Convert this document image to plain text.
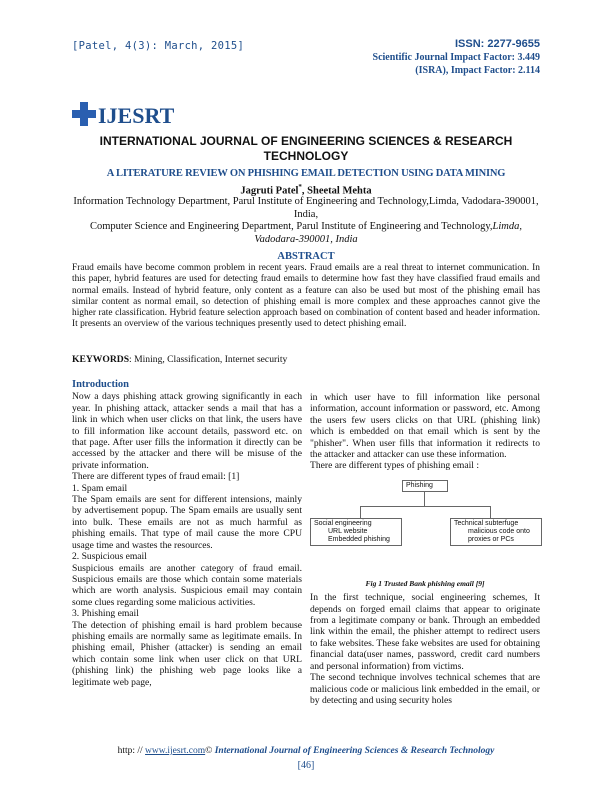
[Patel, 4(3): March, 2015]	ISSN: 2277-9655
Scientific Journal Impact Factor: 3.449
(ISRA), Impact Factor: 2.114
IJESRT
INTERNATIONAL JOURNAL OF ENGINEERING SCIENCES & RESEARCH TECHNOLOGY
A LITERATURE REVIEW ON PHISHING EMAIL DETECTION USING DATA MINING
Jagruti Patel*, Sheetal Mehta
Information Technology Department, Parul Institute of Engineering and Technology,Limda, Vadodara-390001, India,
Computer Science and Engineering Department, Parul Institute of Engineering and Technology,Limda, Vadodara-390001, India
ABSTRACT
Fraud emails have become common problem in recent years. Fraud emails are a real threat to internet communication. In this paper, hybrid features are used for detecting fraud emails to determine how fast they have classified fraud emails and normal emails. Instead of hybrid feature, only content as a feature can also be used but most of the phishing email has similar content as normal email, so detection of phishing email is more complex and these approaches cannot give the higher rate classification. Hybrid feature selection approach based on combination of content based and header information. It presents an overview of the various techniques presently used to detect phishing email.
KEYWORDS: Mining, Classification, Internet security
Introduction

Now a days phishing attack growing significantly in each year. In phishing attack, attacker sends a mail that has a link in which when user clicks on that link, the users have to fill information like account details, password etc. on that page. After user fills the information it directly can be accessed by the attacker and there will be misuse of the private information.

There are different types of fraud email: [1]

1. Spam email

The Spam emails are sent for different intensions, mainly by advertisement popup. The Spam emails are usually sent into bulk. These emails are not as much harmful as phishing emails. That type of mail cause the more CPU usage time and wastes the resources.

2. Suspicious email

Suspicious emails are another category of fraud email. Suspicious emails are those which contain some materials which are worth analysis. Suspicious email may contain some clues regarding some malicious activities.

3. Phishing email

The detection of phishing email is hard problem because phishing emails are normally same as legitimate emails. In phishing email, Phisher (attacker) is sending an email which contain some link when user click on that URL (phishing link) the phishing web page looks like a legitimate web page,

in which user have to fill information like personal information, account information or password, etc. Among the users few users clicks on that URL (phishing link) which is embedded on that email which is sent by the "phisher". When user fills that information it redirects to the attacker and attacker can use these information.

There are different types of phishing email :

Phishing
Social engineering
URL website
Embedded phishing
Technical subterfuge
malicious code onto
proxies or PCs
Fig 1 Trusted Bank phishing email [9]

In the first technique, social engineering schemes, It depends on forged email claims that appear to originate from a legitimate company or bank. Through an embedded link within the email, the phisher attempt to redirect users to fake websites. These fake websites are used for obtaining financial data(user names, password, credit card numbers and personal information) from victims.

The second technique involves technical schemes that are malicious code or malicious link embedded in the email, or by detecting and using security holes

http: // www.ijesrt.com© International Journal of Engineering Sciences & Research Technology
[46]
